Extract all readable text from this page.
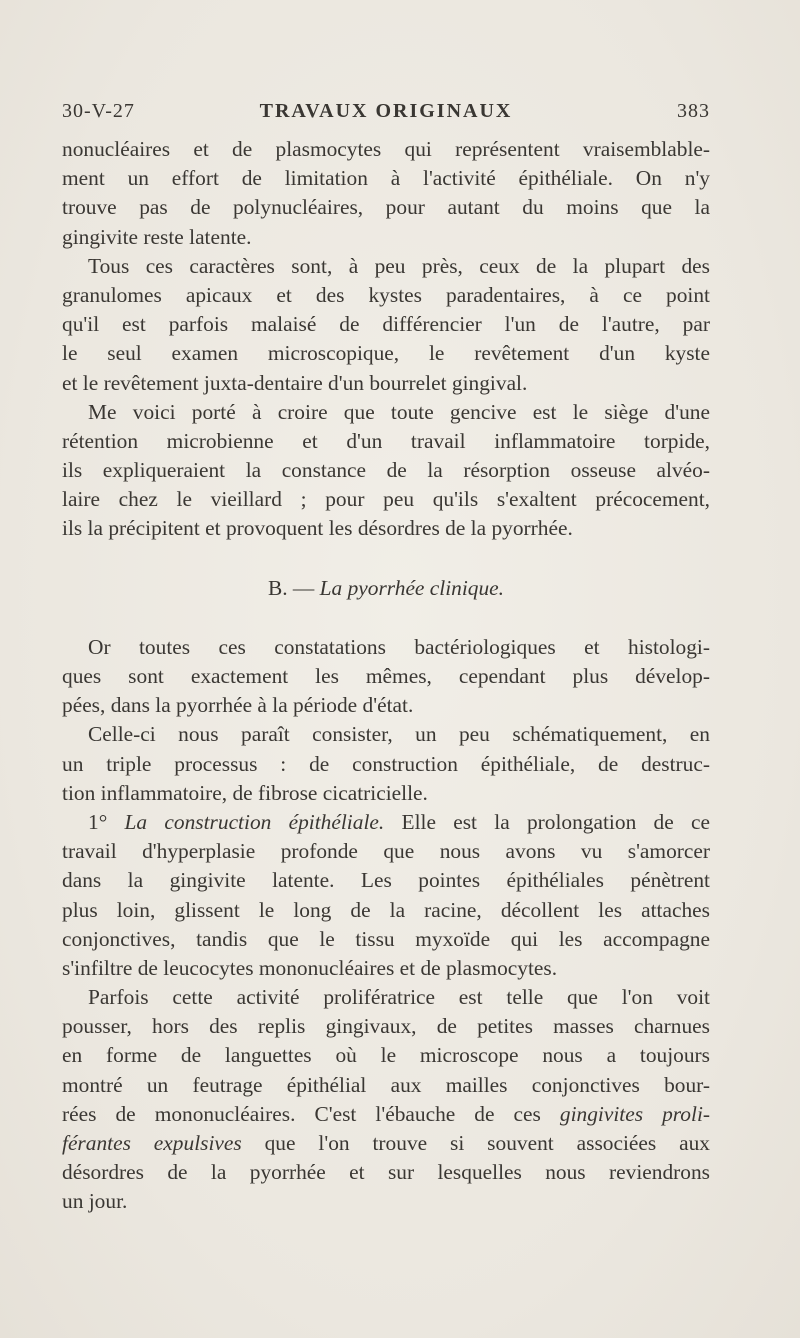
30-V-27	TRAVAUX ORIGINAUX	383
nonucléaires et de plasmocytes qui représentent vraisemblable-
ment un effort de limitation à l'activité épithéliale. On n'y
trouve pas de polynucléaires, pour autant du moins que la
gingivite reste latente.
Tous ces caractères sont, à peu près, ceux de la plupart des
granulomes apicaux et des kystes paradentaires, à ce point
qu'il est parfois malaisé de différencier l'un de l'autre, par
le seul examen microscopique, le revêtement d'un kyste
et le revêtement juxta-dentaire d'un bourrelet gingival.
Me voici porté à croire que toute gencive est le siège d'une
rétention microbienne et d'un travail inflammatoire torpide,
ils expliqueraient la constance de la résorption osseuse alvéo-
laire chez le vieillard ; pour peu qu'ils s'exaltent précocement,
ils la précipitent et provoquent les désordres de la pyorrhée.
B. — La pyorrhée clinique.
Or toutes ces constatations bactériologiques et histologi-
ques sont exactement les mêmes, cependant plus dévelop-
pées, dans la pyorrhée à la période d'état.
Celle-ci nous paraît consister, un peu schématiquement, en
un triple processus : de construction épithéliale, de destruc-
tion inflammatoire, de fibrose cicatricielle.
1° La construction épithéliale. Elle est la prolongation de ce
travail d'hyperplasie profonde que nous avons vu s'amorcer
dans la gingivite latente. Les pointes épithéliales pénètrent
plus loin, glissent le long de la racine, décollent les attaches
conjonctives, tandis que le tissu myxoïde qui les accompagne
s'infiltre de leucocytes mononucléaires et de plasmocytes.
Parfois cette activité prolifératrice est telle que l'on voit
pousser, hors des replis gingivaux, de petites masses charnues
en forme de languettes où le microscope nous a toujours
montré un feutrage épithélial aux mailles conjonctives bour-
rées de mononucléaires. C'est l'ébauche de ces gingivites proli-
férantes expulsives que l'on trouve si souvent associées aux
désordres de la pyorrhée et sur lesquelles nous reviendrons
un jour.
